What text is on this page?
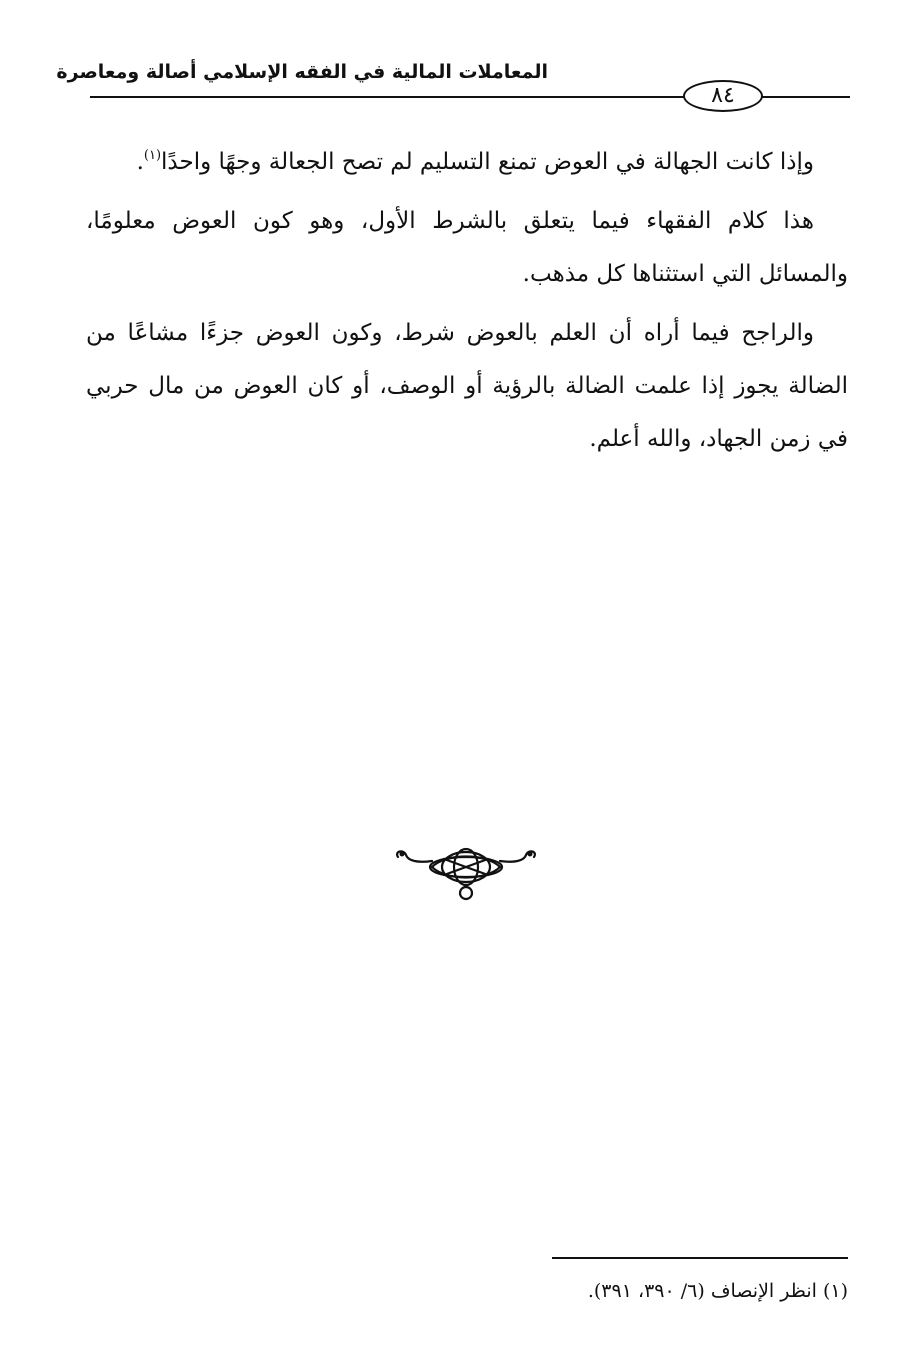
المعاملات المالية في الفقه الإسلامي أصالة ومعاصرة
٨٤

وإذا كانت الجهالة في العوض تمنع التسليم لم تصح الجعالة وجهًا واحدًا$^{(١)}$.

هذا كلام الفقهاء فيما يتعلق بالشرط الأول، وهو كون العوض معلومًا، والمسائل التي استثناها كل مذهب.

والراجح فيما أراه أن العلم بالعوض شرط، وكون العوض جزءًا مشاعًا من الضالة يجوز إذا علمت الضالة بالرؤية أو الوصف، أو كان العوض من مال حربي في زمن الجهاد، والله أعلم.

(١) انظر الإنصاف (٦/ ٣٩٠، ٣٩١).
